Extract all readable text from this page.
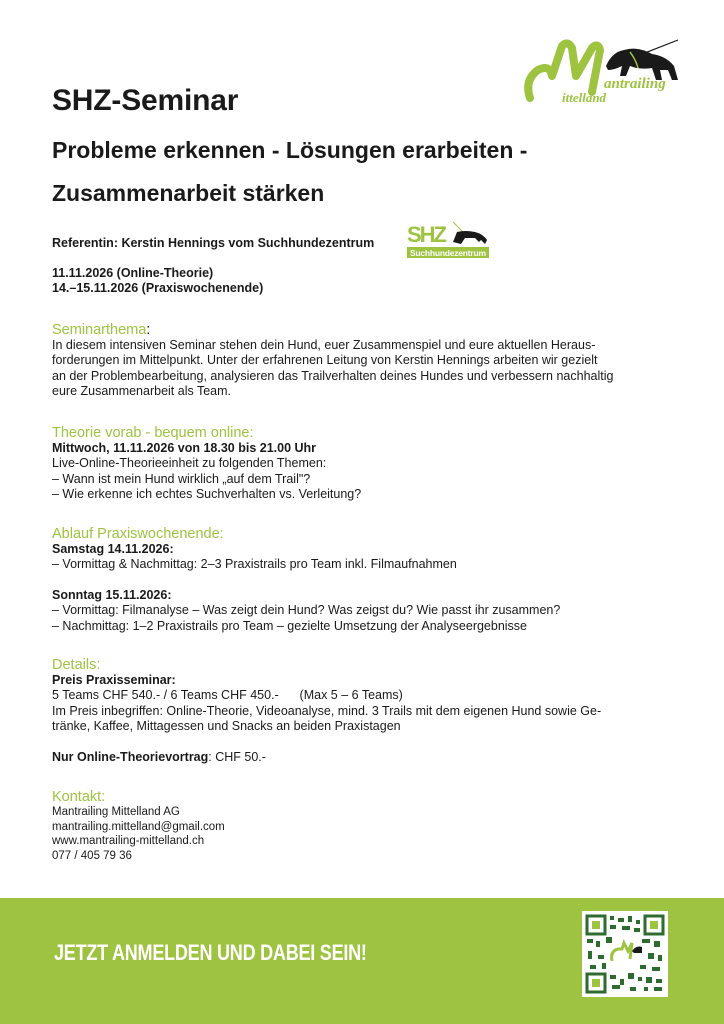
antrailing
ittelland
SHZ-Seminar
Probleme erkennen - Lösungen erarbeiten -
Zusammenarbeit stärken
Referentin: Kerstin Hennings vom Suchhundezentrum SHZ
Suchhundezentrum
11.11.2026 (Online-Theorie)
14.–15.11.2026 (Praxiswochenende)
Seminarthema:
In diesem intensiven Seminar stehen dein Hund, euer Zusammenspiel und eure aktuellen Heraus-
forderungen im Mittelpunkt. Unter der erfahrenen Leitung von Kerstin Hennings arbeiten wir gezielt
an der Problembearbeitung, analysieren das Trailverhalten deines Hundes und verbessern nachhaltig
eure Zusammenarbeit als Team.
Theorie vorab - bequem online:
Mittwoch, 11.11.2026 von 18.30 bis 21.00 Uhr
Live-Online-Theorieeinheit zu folgenden Themen:
– Wann ist mein Hund wirklich „auf dem Trail"?
– Wie erkenne ich echtes Suchverhalten vs. Verleitung?
Ablauf Praxiswochenende:
Samstag 14.11.2026:
– Vormittag & Nachmittag: 2–3 Praxistrails pro Team inkl. Filmaufnahmen
Sonntag 15.11.2026:
– Vormittag: Filmanalyse – Was zeigt dein Hund? Was zeigst du? Wie passt ihr zusammen?
– Nachmittag: 1–2 Praxistrails pro Team – gezielte Umsetzung der Analyseergebnisse
Details:
Preis Praxisseminar:
5 Teams CHF 540.- / 6 Teams CHF 450.-      (Max 5 – 6 Teams)
Im Preis inbegriffen: Online-Theorie, Videoanalyse, mind. 3 Trails mit dem eigenen Hund sowie Ge-
tränke, Kaffee, Mittagessen und Snacks an beiden Praxistagen
Nur Online-Theorievortrag: CHF 50.-
Kontakt:
Mantrailing Mittelland AG
mantrailing.mittelland@gmail.com
www.mantrailing-mittelland.ch
077 / 405 79 36
JETZT ANMELDEN UND DABEI SEIN!
